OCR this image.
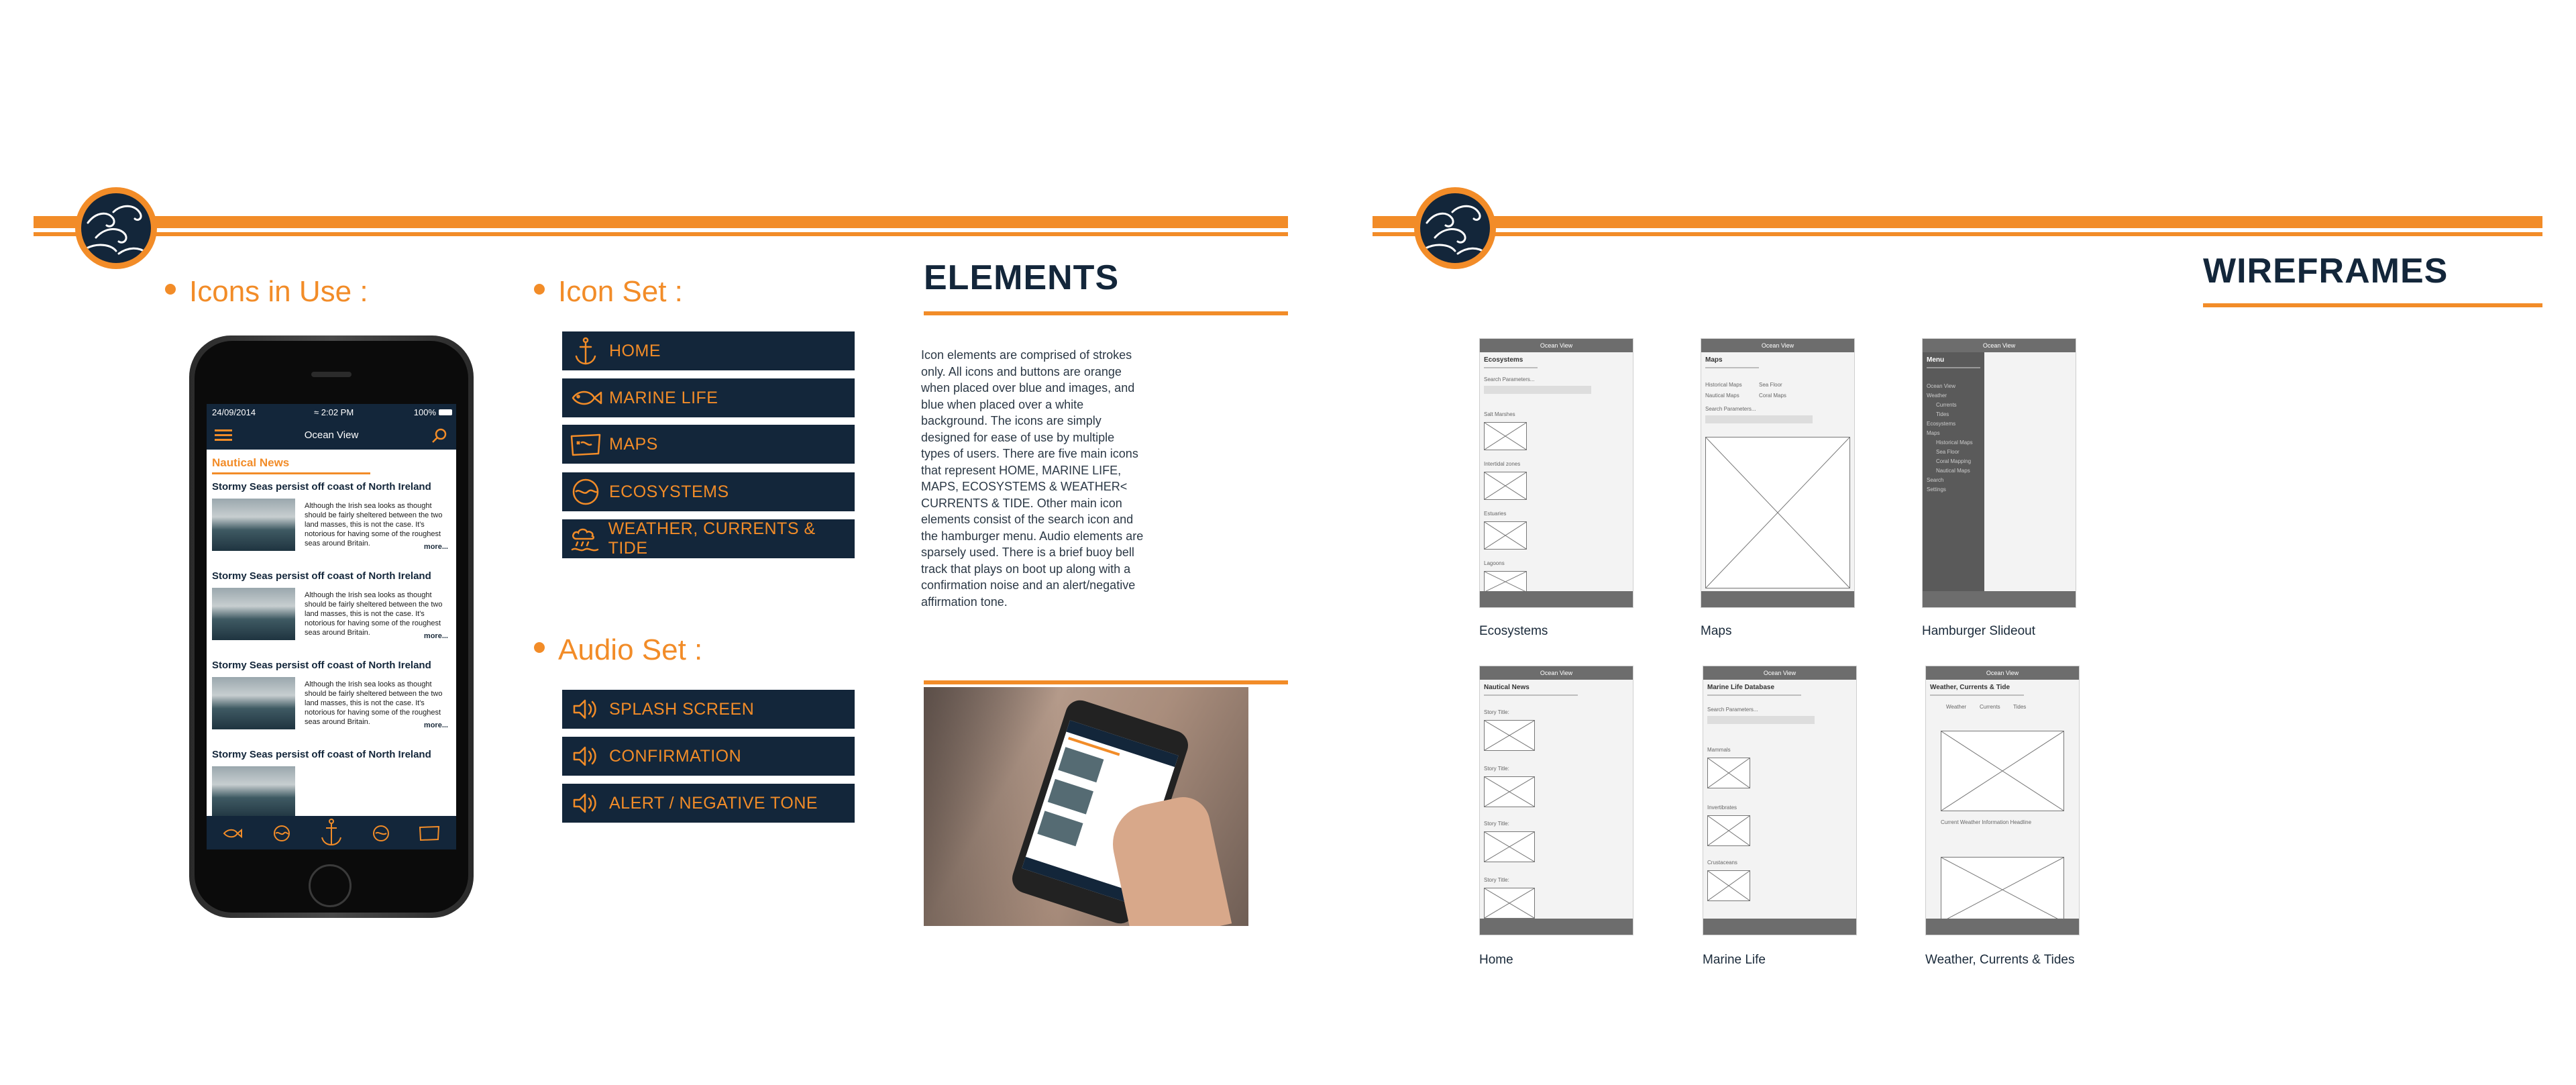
Icons in Use :	Icon Set :
Audio Set :
ELEMENTS
Icon elements are comprised of strokes only. All icons and buttons are orange when placed over blue and images, and blue when placed over a white background. The icons are simply designed for ease of use by multiple types of users. There are five main icons that represent HOME, MARINE LIFE, MAPS, ECOSYSTEMS & WEATHER< CURRENTS & TIDE. Other main icon elements consist of the search icon and the hamburger menu. Audio elements are sparsely used. There is a brief buoy bell track that plays on boot up along with a confirmation noise and an alert/negative affirmation tone.
HOME
MARINE LIFE
MAPS
ECOSYSTEMS
WEATHER, CURRENTS & TIDE
SPLASH SCREEN
CONFIRMATION
ALERT / NEGATIVE TONE
24/09/2014	≈ 2:02 PM	100%
Ocean View
Nautical News
Stormy Seas persist off coast of North Ireland
Although the Irish sea looks as thought should be fairly sheltered between the two land masses, this is not the case. It's notorious for having some of the roughest seas around Britain.	more...
Stormy Seas persist off coast of North Ireland
Although the Irish sea looks as thought should be fairly sheltered between the two land masses, this is not the case. It's notorious for having some of the roughest seas around Britain.	more...
Stormy Seas persist off coast of North Ireland
Although the Irish sea looks as thought should be fairly sheltered between the two land masses, this is not the case. It's notorious for having some of the roughest seas around Britain.	more...
Stormy Seas persist off coast of North Ireland
WIREFRAMES
Ocean View
Ecosystems
Search Parameters...
Salt Marshes
Intertidal zones
Estuaries
Lagoons
Ecosystems
Ocean View
Maps
Historical Maps
Nautical Maps
Sea Floor
Coral Maps
Search Parameters...
Maps
Ocean View
Menu
Ocean View
Weather
Currents
Tides
Ecosystems
Maps
Historical Maps
Sea Floor
Coral Mapping
Nautical Maps
Search
Settings
Hamburger Slideout
Ocean View
Nautical News
Story Title:
Story Title:
Story Title:
Story Title:
Home
Ocean View
Marine Life Database
Search Parameters...
Mammals
Invertibrates
Crustaceans
Marine Life
Ocean View
Weather, Currents & Tide
Weather Currents Tides
Current Weather Information Headline
Weather, Currents & Tides
